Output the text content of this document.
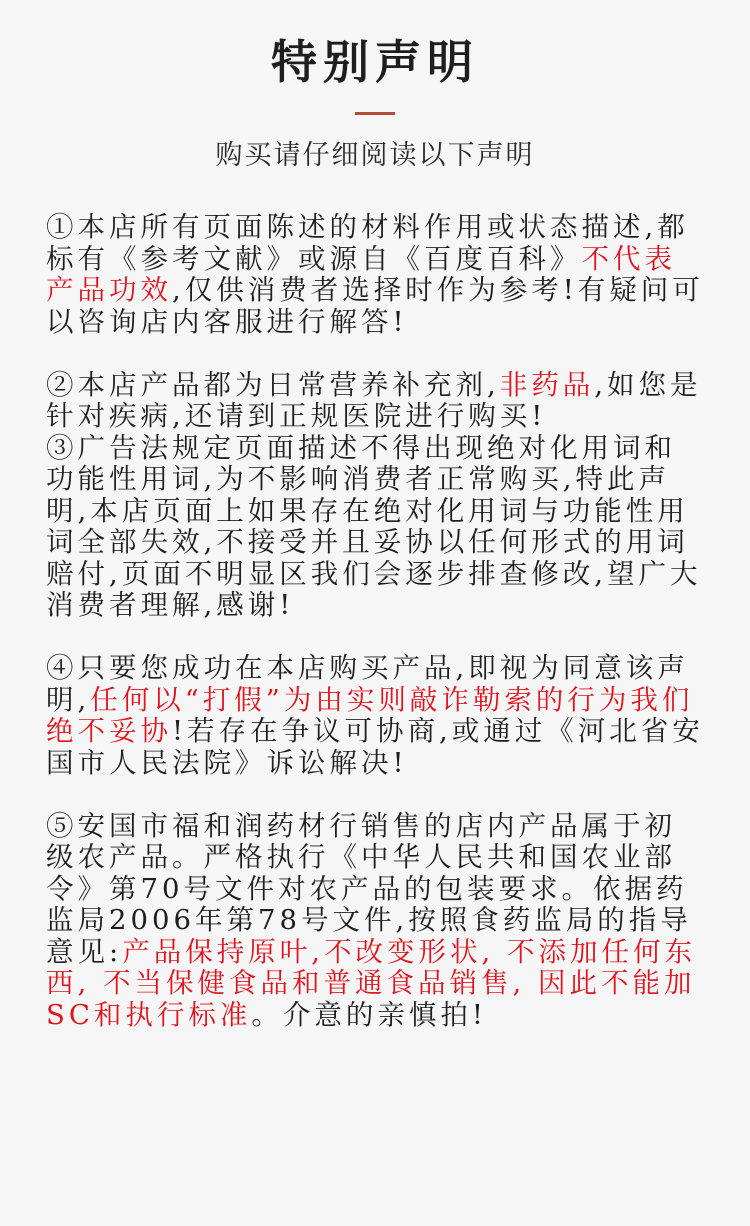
特别声明
购买请仔细阅读以下声明

①本店所有页面陈述的材料作用或状态描述,都标有《参考文献》或源自《百度百科》不代表产品功效,仅供消费者选择时作为参考!有疑问可以咨询店内客服进行解答!

②本店产品都为日常营养补充剂,非药品,如您是针对疾病,还请到正规医院进行购买!

③广告法规定页面描述不得出现绝对化用词和功能性用词,为不影响消费者正常购买,特此声明,本店页面上如果存在绝对化用词与功能性用词全部失效,不接受并且妥协以任何形式的用词赔付,页面不明显区我们会逐步排查修改,望广大消费者理解,感谢!

④只要您成功在本店购买产品,即视为同意该声明,任何以“打假”为由实则敲诈勒索的行为我们绝不妥协!若存在争议可协商,或通过《河北省安国市人民法院》诉讼解决!

⑤安国市福和润药材行销售的店内产品属于初级农产品。严格执行《中华人民共和国农业部令》第70号文件对农产品的包装要求。依据药监局2006年第78号文件,按照食药监局的指导意见:产品保持原叶,不改变形状, 不添加任何东西, 不当保健食品和普通食品销售, 因此不能加SC和执行标准。介意的亲慎拍!
